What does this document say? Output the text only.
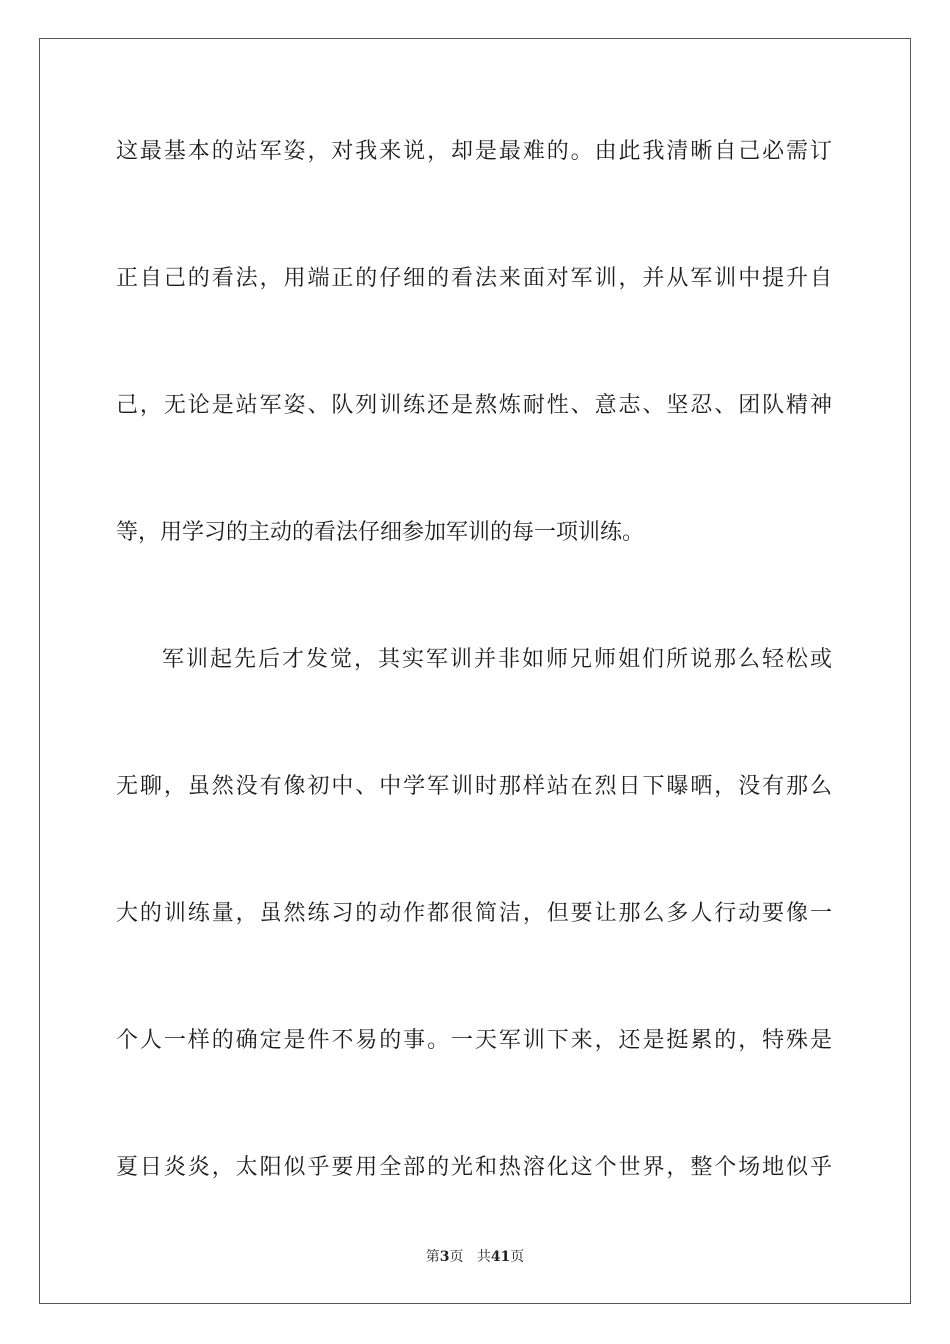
这最基本的站军姿，对我来说，却是最难的。由此我清晰自己必需订
正自己的看法，用端正的仔细的看法来面对军训，并从军训中提升自
己，无论是站军姿、队列训练还是熬炼耐性、意志、坚忍、团队精神
等，用学习的主动的看法仔细参加军训的每一项训练。
军训起先后才发觉，其实军训并非如师兄师姐们所说那么轻松或
无聊，虽然没有像初中、中学军训时那样站在烈日下曝晒，没有那么
大的训练量，虽然练习的动作都很简洁，但要让那么多人行动要像一
个人一样的确定是件不易的事。一天军训下来，还是挺累的，特殊是
夏日炎炎，太阳似乎要用全部的光和热溶化这个世界，整个场地似乎
第3页 共41页
